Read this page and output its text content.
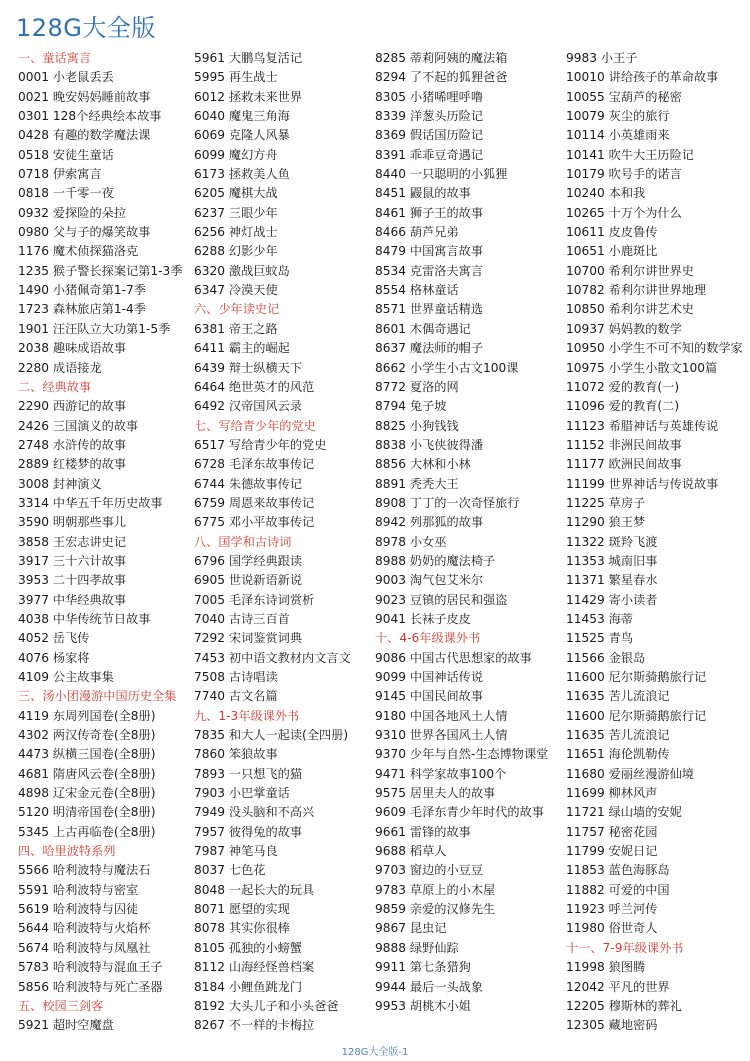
128G大全版
一、童话寓言
0001 小老鼠丢丢
0021 晚安妈妈睡前故事
0301 128个经典绘本故事
0428 有趣的数学魔法课
0518 安徒生童话
0718 伊索寓言
0818 一千零一夜
0932 爱探险的朵拉
0980 父与子的爆笑故事
1176 魔术侦探猫洛克
1235 猴子警长探案记第1-3季
1490 小猪佩奇第1-7季
1723 森林旅店第1-4季
1901 汪汪队立大功第1-5季
2038 趣味成语故事
2280 成语接龙
二、经典故事
2290 西游记的故事
2426 三国演义的故事
2748 水浒传的故事
2889 红楼梦的故事
3008 封神演义
3314 中华五千年历史故事
3590 明朝那些事儿
3858 王宏志讲史记
3917 三十六计故事
3953 二十四孝故事
3977 中华经典故事
4038 中华传统节日故事
4052 岳飞传
4076 杨家将
4109 公主故事集
三、汤小团漫游中国历史全集
4119 东周列国卷(全8册)
4302 两汉传奇卷(全8册)
4473 纵横三国卷(全8册)
4681 隋唐风云卷(全8册)
4898 辽宋金元卷(全8册)
5120 明清帝国卷(全8册)
5345 上古再临卷(全8册)
四、哈里波特系列
5566 哈利波特与魔法石
5591 哈利波特与密室
5619 哈利波特与囚徒
5644 哈利波特与火焰杯
5674 哈利波特与凤凰社
5783 哈利波特与混血王子
5856 哈利波特与死亡圣器
五、校园三剑客
5921 超时空魔盘
5961 大鹏鸟复活记
5995 再生战士
6012 拯救未来世界
6040 魔鬼三角海
6069 克隆人风暴
6099 魔幻方舟
6173 拯救美人鱼
6205 魔棋大战
6237 三眼少年
6256 神灯战士
6288 幻影少年
6320 激战巨蚊岛
6347 冷漠天使
六、少年读史记
6381 帝王之路
6411 霸主的崛起
6439 辩士纵横天下
6464 绝世英才的风范
6492 汉帝国风云录
七、写给青少年的党史
6517 写给青少年的党史
6728 毛泽东故事传记
6744 朱德故事传记
6759 周恩来故事传记
6775 邓小平故事传记
八、国学和古诗词
6796 国学经典跟读
6905 世说新语新说
7005 毛泽东诗词赏析
7040 古诗三百首
7292 宋词鉴赏词典
7453 初中语文教材内文言文
7508 古诗唱读
7740 古文名篇
九、1-3年级课外书
7835 和大人一起读(全四册)
7860 笨狼故事
7893 一只想飞的猫
7903 小巴掌童话
7949 没头脑和不高兴
7957 彼得兔的故事
7987 神笔马良
8037 七色花
8048 一起长大的玩具
8071 愿望的实现
8078 其实你很棒
8105 孤独的小螃蟹
8112 山海经怪兽档案
8184 小鲤鱼跳龙门
8192 大头儿子和小头爸爸
8267 不一样的卡梅拉
8285 蒂莉阿姨的魔法箱
8294 了不起的狐狸爸爸
8305 小猪唏哩呼噜
8339 洋葱头历险记
8369 假话国历险记
8391 乖乖豆奇遇记
8440 一只聪明的小狐狸
8451 鼹鼠的故事
8461 狮子王的故事
8466 葫芦兄弟
8479 中国寓言故事
8534 克雷洛夫寓言
8554 格林童话
8571 世界童话精选
8601 木偶奇遇记
8637 魔法师的帽子
8662 小学生小古文100课
8772 夏洛的网
8794 兔子坡
8825 小狗钱钱
8838 小飞侠彼得潘
8856 大林和小林
8891 秃秃大王
8908 丁丁的一次奇怪旅行
8942 列那狐的故事
8978 小女巫
8988 奶奶的魔法椅子
9003 淘气包艾米尔
9023 豆镇的居民和强盗
9041 长袜子皮皮
十、4-6年级课外书
9086 中国古代思想家的故事
9099 中国神话传说
9145 中国民间故事
9180 中国各地风土人情
9310 世界各国风土人情
9370 少年与自然-生态博物课堂
9471 科学家故事100个
9575 居里夫人的故事
9609 毛泽东青少年时代的故事
9661 雷锋的故事
9688 稻草人
9703 窗边的小豆豆
9783 草原上的小木屋
9859 亲爱的汉修先生
9867 昆虫记
9888 绿野仙踪
9911 第七条猎狗
9944 最后一头战象
9953 胡桃木小姐
9983 小王子
10010 讲给孩子的革命故事
10055 宝葫芦的秘密
10079 灰尘的旅行
10114 小英雄雨来
10141 吹牛大王历险记
10179 吹号手的诺言
10240 本和我
10265 十万个为什么
10611 皮皮鲁传
10651 小鹿斑比
10700 希利尔讲世界史
10782 希利尔讲世界地理
10850 希利尔讲艺术史
10937 妈妈教的数学
10950 小学生不可不知的数学家
10975 小学生小散文100篇
11072 爱的教育(一)
11096 爱的教育(二)
11123 希腊神话与英雄传说
11152 非洲民间故事
11177 欧洲民间故事
11199 世界神话与传说故事
11225 草房子
11290 狼王梦
11322 斑羚飞渡
11353 城南旧事
11371 繁星春水
11429 寄小读者
11453 海蒂
11525 青鸟
11566 金银岛
11600 尼尔斯骑鹅旅行记
11635 苦儿流浪记
11600 尼尔斯骑鹅旅行记
11635 苦儿流浪记
11651 海伦凯勒传
11680 爱丽丝漫游仙境
11699 柳林风声
11721 绿山墙的安妮
11757 秘密花园
11799 安妮日记
11853 蓝色海豚岛
11882 可爱的中国
11923 呼兰河传
11980 俗世奇人
十一、7-9年级课外书
11998 狼图腾
12042 平凡的世界
12205 穆斯林的葬礼
12305 藏地密码
128G大全版-1
